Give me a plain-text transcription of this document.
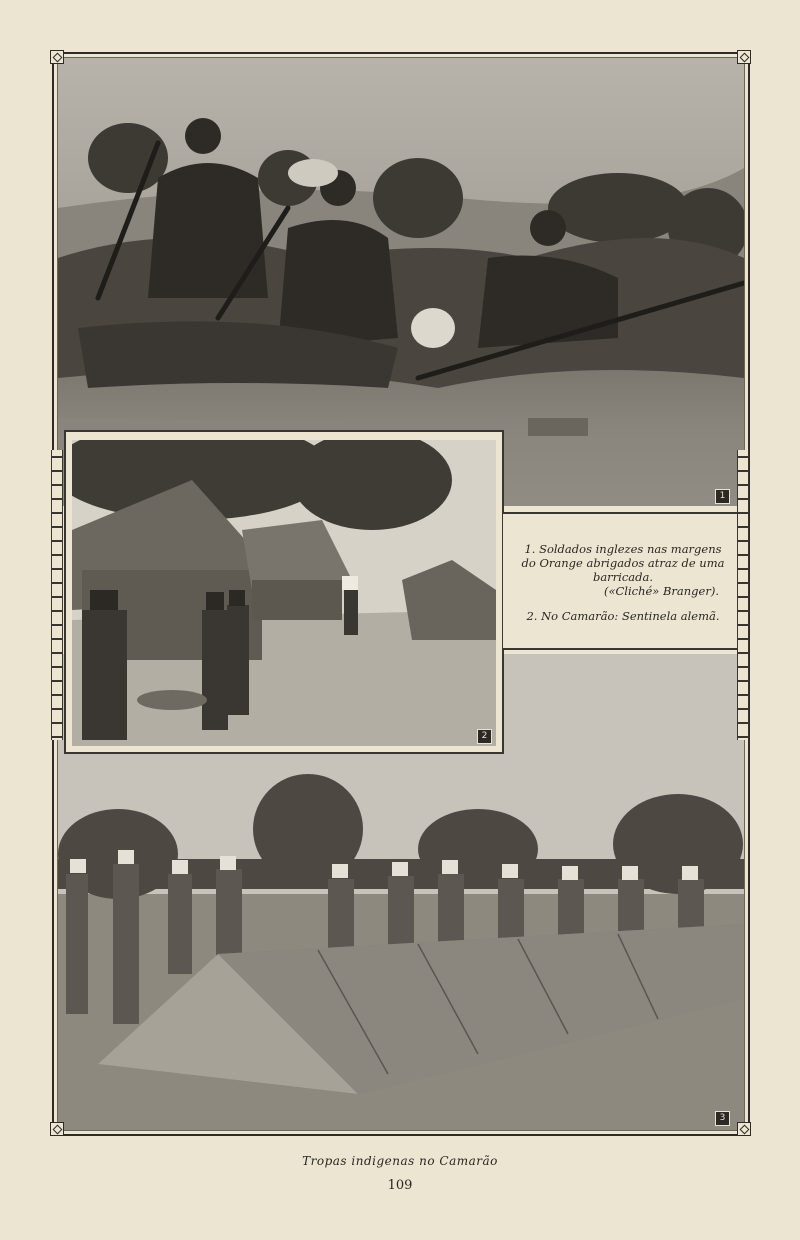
1
3
2

1. Soldados inglezes nas margens

do Orange abrigados atraz de uma

barricada.

(«Cliché» Branger).

2. No Camarão: Sentinela alemã.

Tropas indigenas no Camarão
109
